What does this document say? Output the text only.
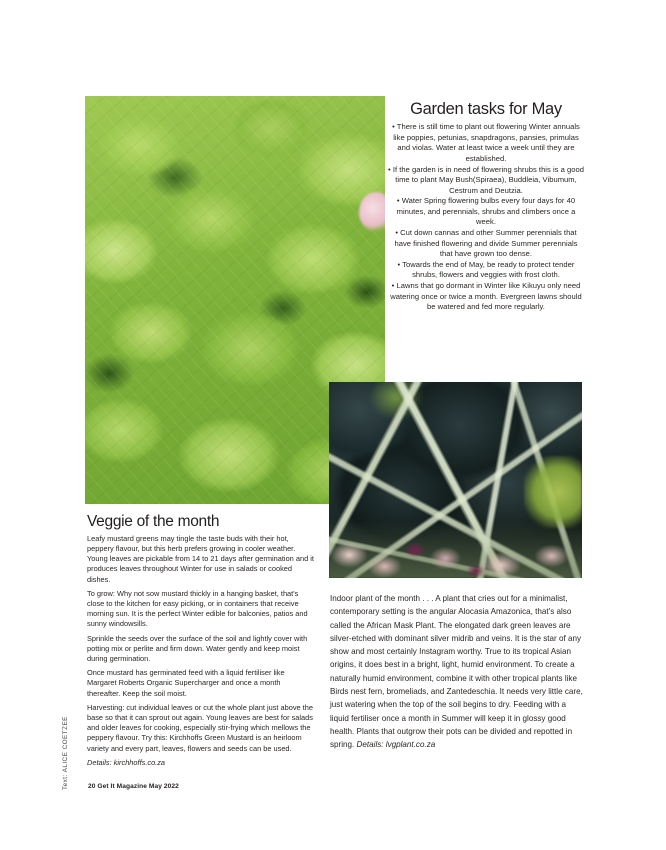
Garden tasks for May

• There is still time to plant out flowering Winter annuals like poppies, petunias, snapdragons, pansies, primulas and violas. Water at least twice a week until they are established.

• If the garden is in need of flowering shrubs this is a good time to plant May Bush(Spiraea), Buddleia, Vibumum, Cestrum and Deutzia.

• Water Spring flowering bulbs every four days for 40 minutes, and perennials, shrubs and climbers once a week.

• Cut down cannas and other Summer perennials that have finished flowering and divide Summer perennials that have grown too dense.

• Towards the end of May, be ready to protect tender shrubs, flowers and veggies with frost cloth.

• Lawns that go dormant in Winter like Kikuyu only need watering once or twice a month. Evergreen lawns should be watered and fed more regularly.

Veggie of the month

Leafy mustard greens may tingle the taste buds with their hot, peppery flavour, but this herb prefers growing in cooler weather. Young leaves are pickable from 14 to 21 days after germination and it produces leaves throughout Winter for use in salads or cooked dishes.

To grow: Why not sow mustard thickly in a hanging basket, that's close to the kitchen for easy picking, or in containers that receive morning sun. It is the perfect Winter edible for balconies, patios and sunny windowsills.

Sprinkle the seeds over the surface of the soil and lightly cover with potting mix or perlite and firm down. Water gently and keep moist during germination.

Once mustard has germinated feed with a liquid fertiliser like Margaret Roberts Organic Supercharger and once a month thereafter. Keep the soil moist.

Harvesting: cut individual leaves or cut the whole plant just above the base so that it can sprout out again. Young leaves are best for salads and older leaves for cooking, especially stir-frying which mellows the peppery flavour. Try this: Kirchhoffs Green Mustard is an heirloom variety and every part, leaves, flowers and seeds can be used.

Details: kirchhoffs.co.za

Indoor plant of the month . . . A plant that cries out for a minimalist, contemporary setting is the angular Alocasia Amazonica, that's also called the African Mask Plant. The elongated dark green leaves are silver-etched with dominant silver midrib and veins. It is the star of any show and most certainly Instagram worthy. True to its tropical Asian origins, it does best in a bright, light, humid environment. To create a naturally humid environment, combine it with other tropical plants like Birds nest fern, bromeliads, and Zantedeschia. It needs very little care, just watering when the top of the soil begins to dry. Feeding with a liquid fertiliser once a month in Summer will keep it in glossy good health. Plants that outgrow their pots can be divided and repotted in spring. Details: lvgplant.co.za

Text: ALICE COETZEE	20 Get It Magazine May 2022
